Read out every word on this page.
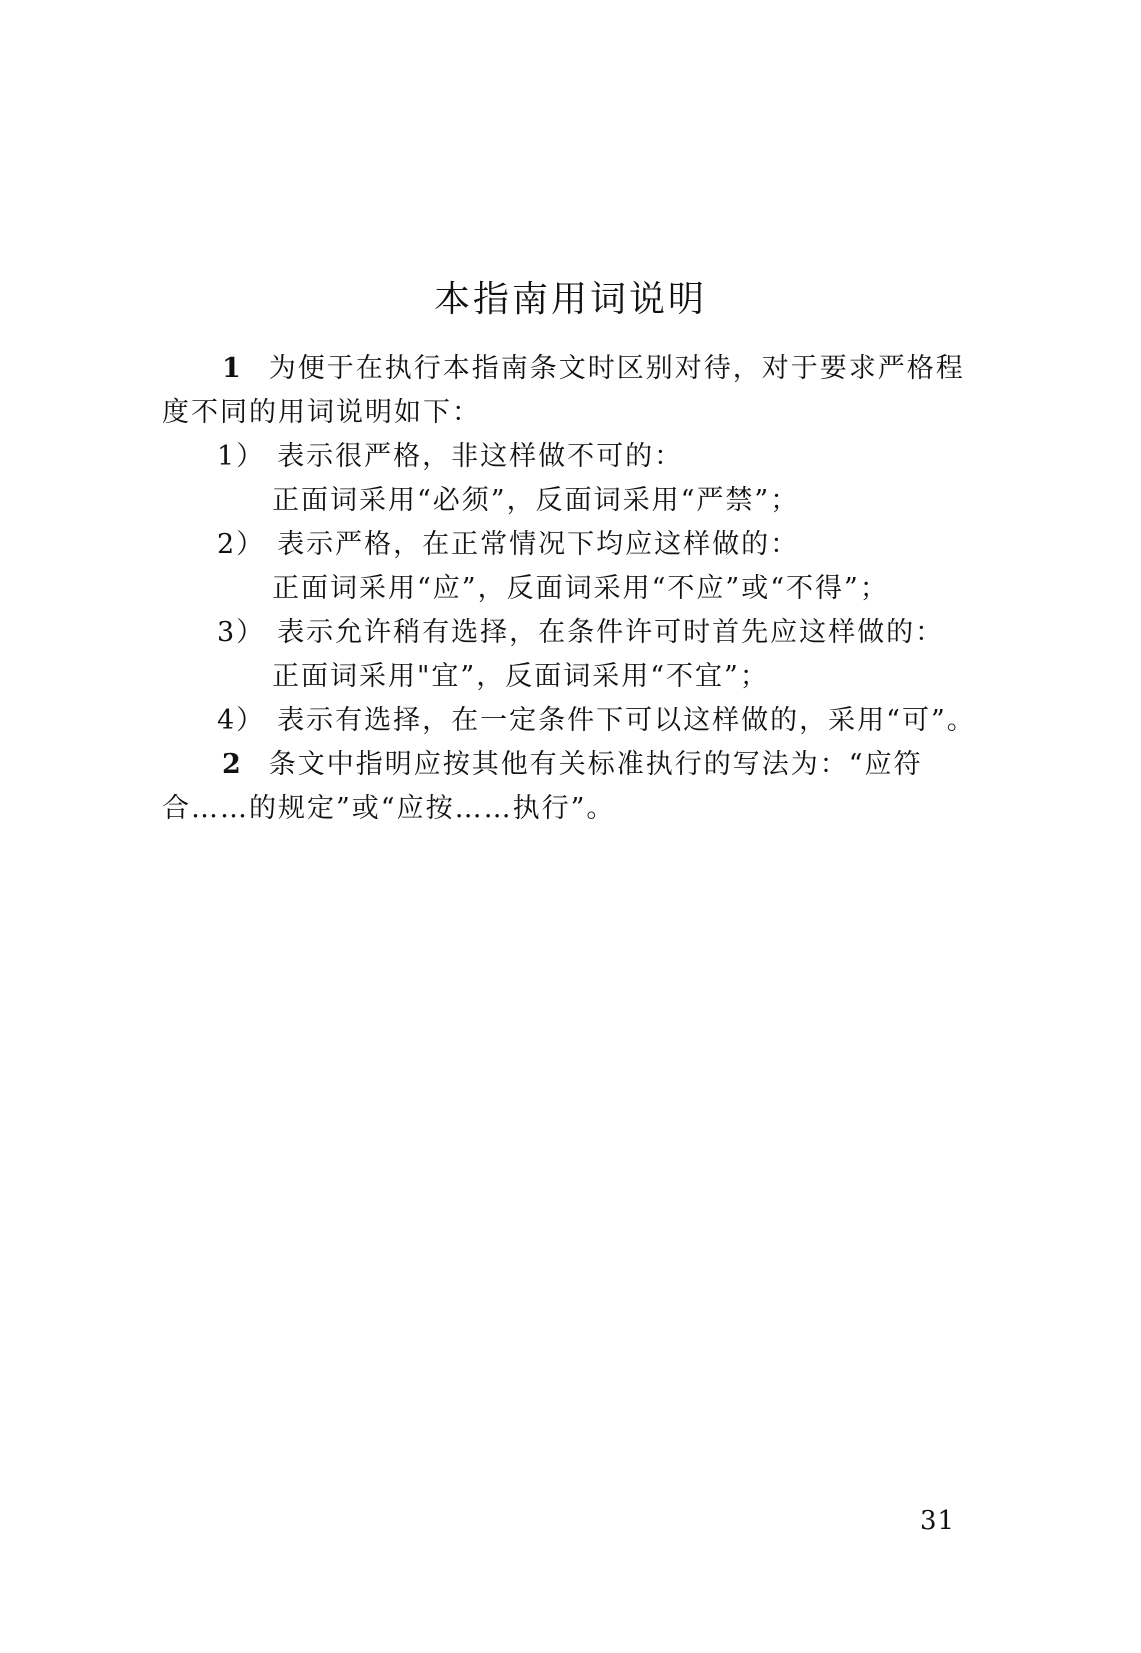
本指南用词说明

1 为便于在执行本指南条文时区别对待，对于要求严格程度不同的用词说明如下：

1） 表示很严格，非这样做不可的：

正面词采用“必须”，反面词采用“严禁”；

2） 表示严格，在正常情况下均应这样做的：

正面词采用“应”，反面词采用“不应”或“不得”；

3） 表示允许稍有选择，在条件许可时首先应这样做的：

正面词采用"宜”，反面词采用“不宜”；

4） 表示有选择，在一定条件下可以这样做的，采用“可”。

2 条文中指明应按其他有关标准执行的写法为：“应符合……的规定”或“应按……执行”。

31
